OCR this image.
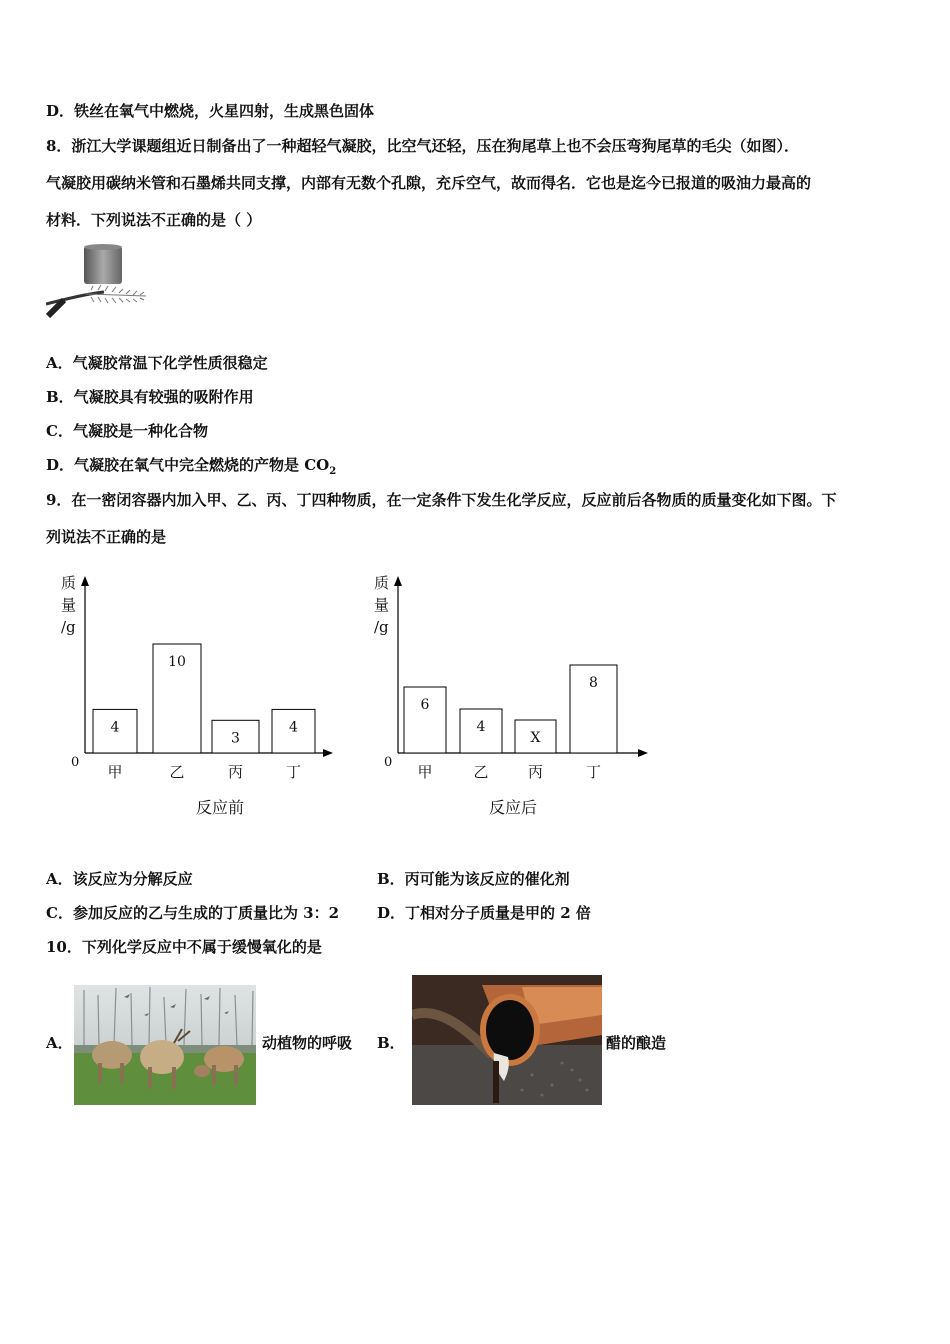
D．铁丝在氧气中燃烧，火星四射，生成黑色固体
8．浙江大学课题组近日制备出了一种超轻气凝胶，比空气还轻，压在狗尾草上也不会压弯狗尾草的毛尖（如图）．
气凝胶用碳纳米管和石墨烯共同支撑，内部有无数个孔隙，充斥空气，故而得名．它也是迄今已报道的吸油力最高的
材料．下列说法不正确的是（ ）
A．气凝胶常温下化学性质很稳定
B．气凝胶具有较强的吸附作用
C．气凝胶是一种化合物
D．气凝胶在氧气中完全燃烧的产物是 $CO_2$
9．在一密闭容器内加入甲、乙、丙、丁四种物质，在一定条件下发生化学反应，反应前后各物质的质量变化如下图。下
列说法不正确的是
质
量
/g
0
4
甲
10
乙
3
丙
4
丁
反应前
质
量
/g
0
6
甲
4
乙
X
丙
8
丁
反应后
A．该反应为分解反应	B．丙可能为该反应的催化剂
C．参加反应的乙与生成的丁质量比为 3：2	D．丁相对分子质量是甲的 2 倍
10．下列化学反应中不属于缓慢氧化的是
A．	动植物的呼吸 B．	醋的酿造
